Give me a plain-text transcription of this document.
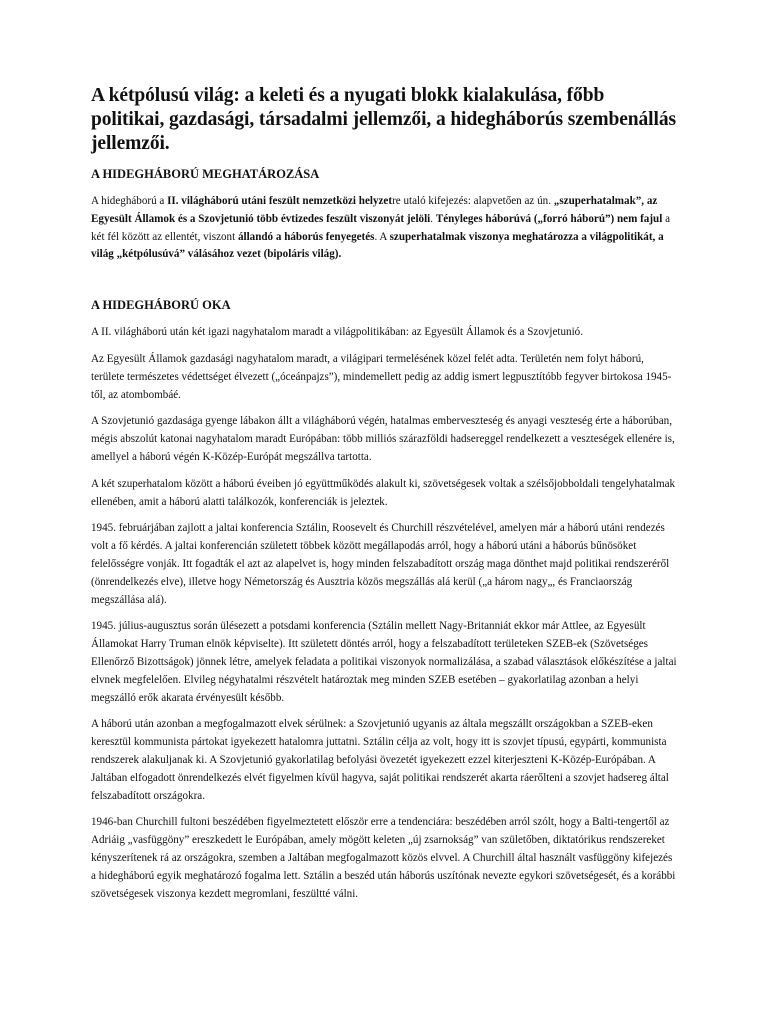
A kétpólusú világ: a keleti és a nyugati blokk kialakulása, főbb politikai, gazdasági, társadalmi jellemzői, a hidegháborús szembenállás jellemzői.
A HIDEGHÁBORÚ MEGHATÁROZÁSA

A hidegháború a II. világháború utáni feszült nemzetközi helyzetre utaló kifejezés: alapvetően az ún. „szuperhatalmak”, az Egyesült Államok és a Szovjetunió több évtizedes feszült viszonyát jelöli. Tényleges háborúvá („forró háború”) nem fajul a két fél között az ellentét, viszont állandó a háborús fenyegetés. A szuperhatalmak viszonya meghatározza a világpolitikát, a világ „kétpólusúvá” válásához vezet (bipoláris világ).

A HIDEGHÁBORÚ OKA

A II. világháború után két igazi nagyhatalom maradt a világpolitikában: az Egyesült Államok és a Szovjetunió.

Az Egyesült Államok gazdasági nagyhatalom maradt, a világipari termelésének közel felét adta. Területén nem folyt háború, területe természetes védettséget élvezett („óceánpajzs”), mindemellett pedig az addig ismert legpusztítóbb fegyver birtokosa 1945-től, az atombombáé.

A Szovjetunió gazdasága gyenge lábakon állt a világháború végén, hatalmas emberveszteség és anyagi veszteség érte a háborúban, mégis abszolút katonai nagyhatalom maradt Európában: több milliós szárazföldi hadsereggel rendelkezett a veszteségek ellenére is, amellyel a háború végén K-Közép-Európát megszállva tartotta.

A két szuperhatalom között a háború éveiben jó együttműködés alakult ki, szövetségesek voltak a szélsőjobboldali tengelyhatalmak ellenében, amit a háború alatti találkozók, konferenciák is jeleztek.

1945. februárjában zajlott a jaltai konferencia Sztálin, Roosevelt és Churchill részvételével, amelyen már a háború utáni rendezés volt a fő kérdés. A jaltai konferencián született többek között megállapodás arról, hogy a háború utáni a háborús bűnösöket felelősségre vonják. Itt fogadták el azt az alapelvet is, hogy minden felszabadított ország maga dönthet majd politikai rendszeréről (önrendelkezés elve), illetve hogy Németország és Ausztria közös megszállás alá kerül („a három nagy„, és Franciaország megszállása alá).

1945. július-augusztus során ülésezett a potsdami konferencia (Sztálin mellett Nagy-Britanniát ekkor már Attlee, az Egyesült Államokat Harry Truman elnök képviselte). Itt született döntés arról, hogy a felszabadított területeken SZEB-ek (Szövetséges Ellenőrző Bizottságok) jönnek létre, amelyek feladata a politikai viszonyok normalizálása, a szabad választások előkészítése a jaltai elvnek megfelelően. Elvileg négyhatalmi részvételt határoztak meg minden SZEB esetében – gyakorlatilag azonban a helyi megszálló erők akarata érvényesült később.

A háború után azonban a megfogalmazott elvek sérülnek: a Szovjetunió ugyanis az általa megszállt országokban a SZEB-eken keresztül kommunista pártokat igyekezett hatalomra juttatni. Sztálin célja az volt, hogy itt is szovjet típusú, egypárti, kommunista rendszerek alakuljanak ki. A Szovjetunió gyakorlatilag befolyási övezetét igyekezett ezzel kiterjeszteni K-Közép-Európában. A Jaltában elfogadott önrendelkezés elvét figyelmen kívül hagyva, saját politikai rendszerét akarta ráerőlteni a szovjet hadsereg által felszabadított országokra.

1946-ban Churchill fultoni beszédében figyelmeztetett először erre a tendenciára: beszédében arról szólt, hogy a Balti-tengertől az Adriáig „vasfüggöny” ereszkedett le Európában, amely mögött keleten „új zsarnokság” van születőben, diktatórikus rendszereket kényszerítenek rá az országokra, szemben a Jaltában megfogalmazott közös elvvel. A Churchill által használt vasfüggöny kifejezés a hidegháború egyik meghatározó fogalma lett. Sztálin a beszéd után háborús uszítónak nevezte egykori szövetségesét, és a korábbi szövetségesek viszonya kezdett megromlani, feszültté válni.
